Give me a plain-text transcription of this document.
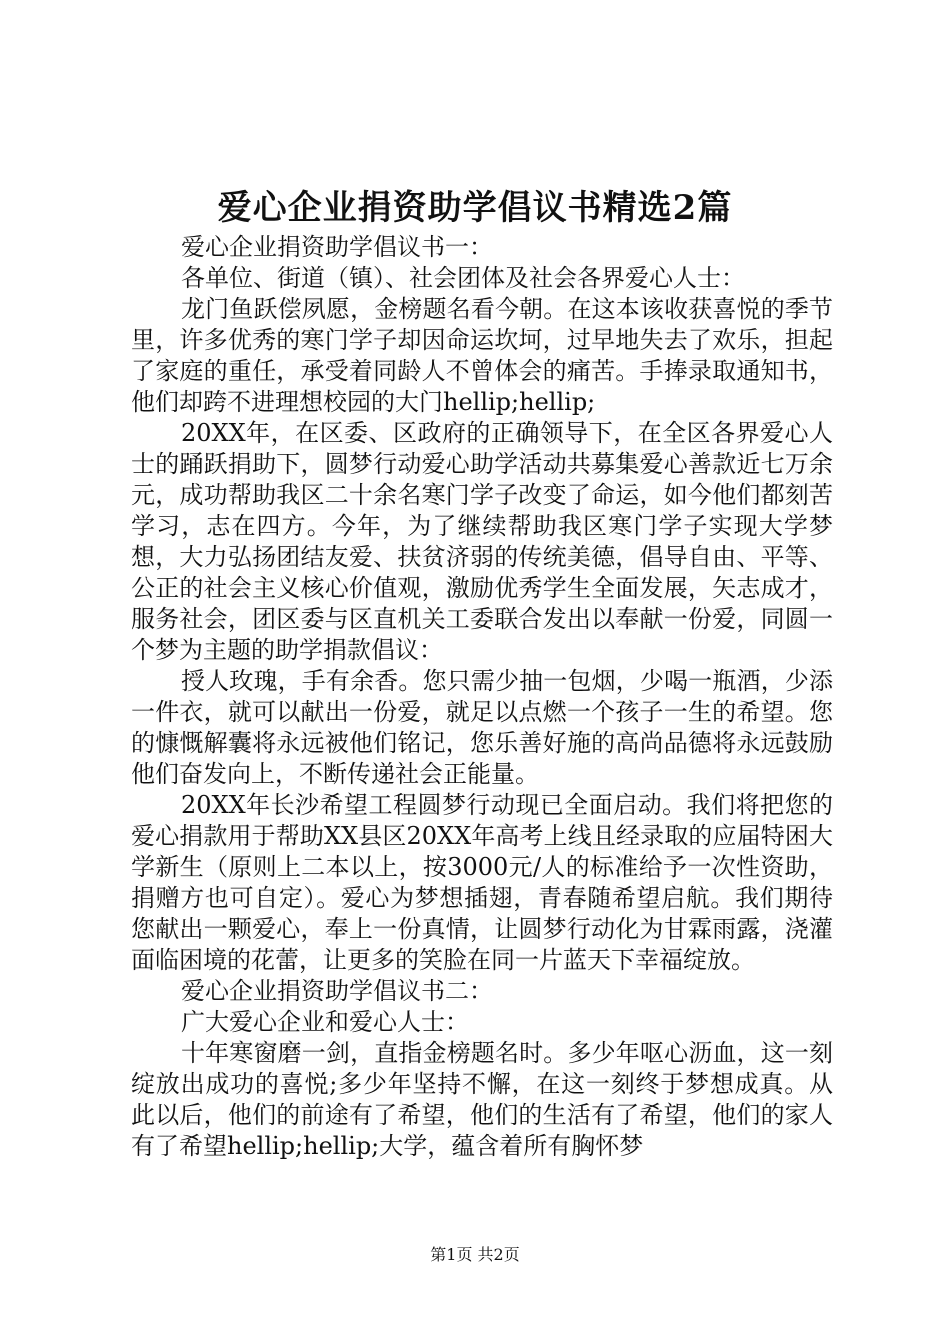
爱心企业捐资助学倡议书精选2篇

爱心企业捐资助学倡议书一：

各单位、街道（镇）、社会团体及社会各界爱心人士：

龙门鱼跃偿夙愿，金榜题名看今朝。在这本该收获喜悦的季节里，许多优秀的寒门学子却因命运坎坷，过早地失去了欢乐，担起了家庭的重任，承受着同龄人不曾体会的痛苦。手捧录取通知书，他们却跨不进理想校园的大门hellip;hellip;

20XX年，在区委、区政府的正确领导下，在全区各界爱心人士的踊跃捐助下，圆梦行动爱心助学活动共募集爱心善款近七万余元，成功帮助我区二十余名寒门学子改变了命运，如今他们都刻苦学习，志在四方。今年，为了继续帮助我区寒门学子实现大学梦想，大力弘扬团结友爱、扶贫济弱的传统美德，倡导自由、平等、公正的社会主义核心价值观，激励优秀学生全面发展，矢志成才，服务社会，团区委与区直机关工委联合发出以奉献一份爱，同圆一个梦为主题的助学捐款倡议：

授人玫瑰，手有余香。您只需少抽一包烟，少喝一瓶酒，少添一件衣，就可以献出一份爱，就足以点燃一个孩子一生的希望。您的慷慨解囊将永远被他们铭记，您乐善好施的高尚品德将永远鼓励他们奋发向上，不断传递社会正能量。

20XX年长沙希望工程圆梦行动现已全面启动。我们将把您的爱心捐款用于帮助XX县区20XX年高考上线且经录取的应届特困大学新生（原则上二本以上，按3000元/人的标准给予一次性资助，捐赠方也可自定）。爱心为梦想插翅，青春随希望启航。我们期待您献出一颗爱心，奉上一份真情，让圆梦行动化为甘霖雨露，浇灌面临困境的花蕾，让更多的笑脸在同一片蓝天下幸福绽放。

爱心企业捐资助学倡议书二：

广大爱心企业和爱心人士：

十年寒窗磨一剑，直指金榜题名时。多少年呕心沥血，这一刻绽放出成功的喜悦;多少年坚持不懈，在这一刻终于梦想成真。从此以后，他们的前途有了希望，他们的生活有了希望，他们的家人有了希望hellip;hellip;大学，蕴含着所有胸怀梦

第1页 共2页
